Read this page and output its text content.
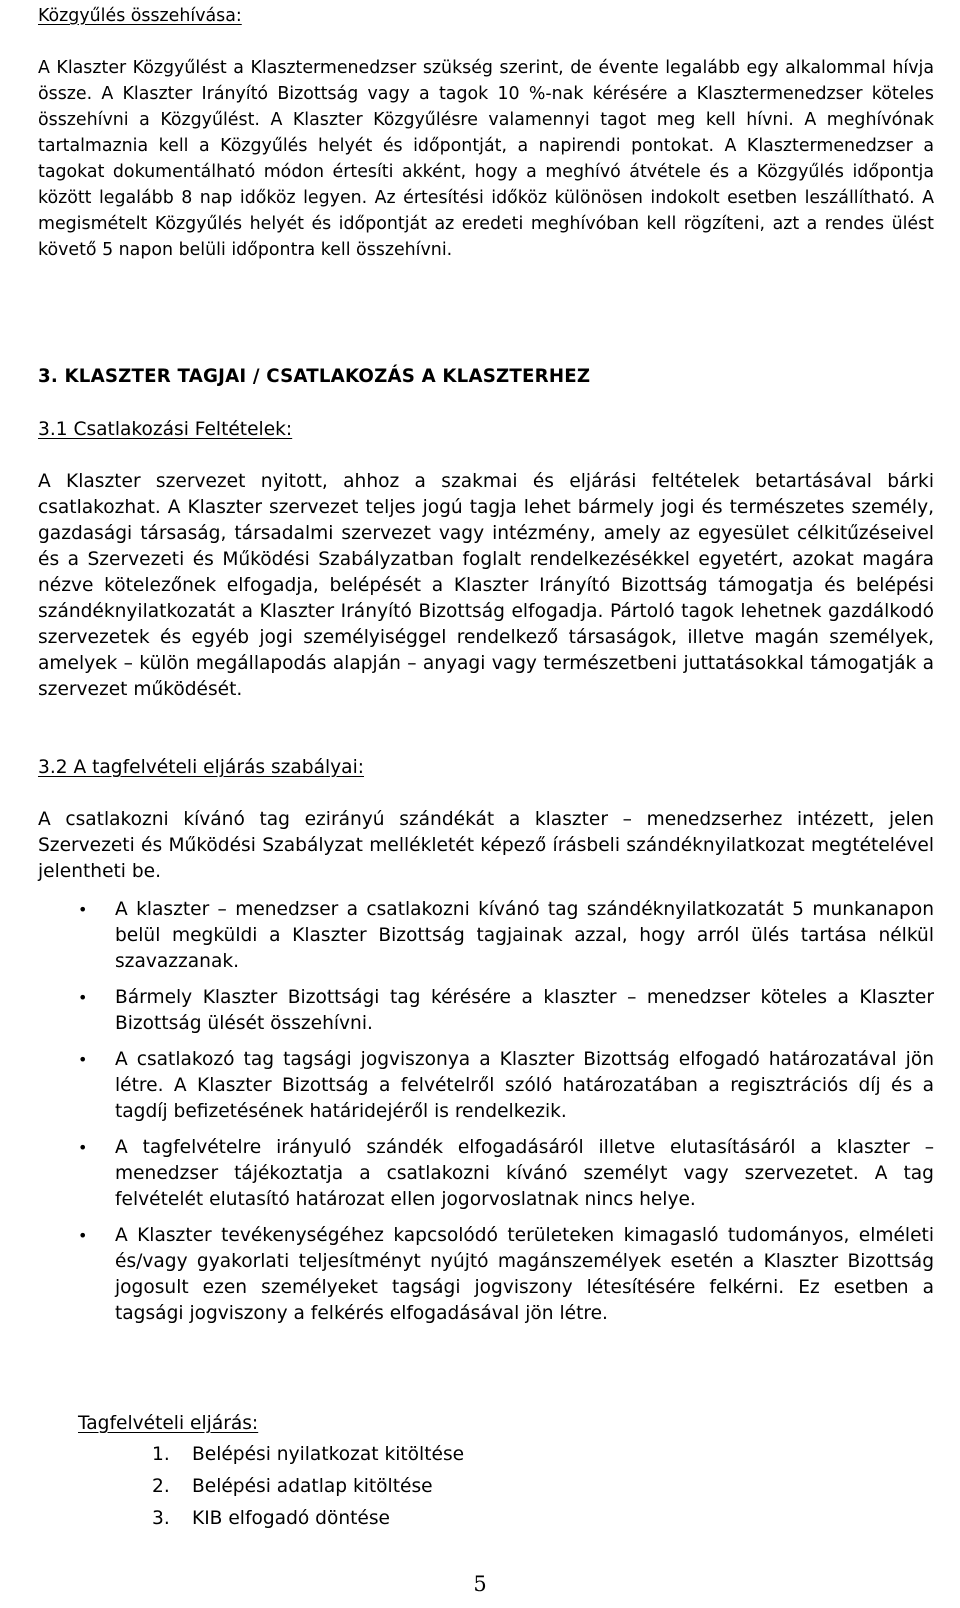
Közgyűlés összehívása:

A Klaszter Közgyűlést a Klasztermenedzser szükség szerint, de évente legalább egy alkalommal hívja össze. A Klaszter Irányító Bizottság vagy a tagok 10 %-nak kérésére a Klasztermenedzser köteles összehívni a Közgyűlést. A Klaszter Közgyűlésre valamennyi tagot meg kell hívni. A meghívónak tartalmaznia kell a Közgyűlés helyét és időpontját, a napirendi pontokat. A Klasztermenedzser a tagokat dokumentálható módon értesíti akként, hogy a meghívó átvétele és a Közgyűlés időpontja között legalább 8 nap időköz legyen. Az értesítési időköz különösen indokolt esetben leszállítható. A megismételt Közgyűlés helyét és időpontját az eredeti meghívóban kell rögzíteni, azt a rendes ülést követő 5 napon belüli időpontra kell összehívni.

3. KLASZTER TAGJAI / CSATLAKOZÁS A KLASZTERHEZ

3.1 Csatlakozási Feltételek:

A Klaszter szervezet nyitott, ahhoz a szakmai és eljárási feltételek betartásával bárki csatlakozhat. A Klaszter szervezet teljes jogú tagja lehet bármely jogi és természetes személy, gazdasági társaság, társadalmi szervezet vagy intézmény, amely az egyesület célkitűzéseivel és a Szervezeti és Működési Szabályzatban foglalt rendelkezésékkel egyetért, azokat magára nézve kötelezőnek elfogadja, belépését a Klaszter Irányító Bizottság támogatja és belépési szándéknyilatkozatát a Klaszter Irányító Bizottság elfogadja. Pártoló tagok lehetnek gazdálkodó szervezetek és egyéb jogi személyiséggel rendelkező társaságok, illetve magán személyek, amelyek – külön megállapodás alapján – anyagi vagy természetbeni juttatásokkal támogatják a szervezet működését.

3.2 A tagfelvételi eljárás szabályai:

A csatlakozni kívánó tag ezirányú szándékát a klaszter – menedzserhez intézett, jelen Szervezeti és Működési Szabályzat mellékletét képező írásbeli szándéknyilatkozat megtételével jelentheti be.

• A klaszter – menedzser a csatlakozni kívánó tag szándéknyilatkozatát 5 munkanapon belül megküldi a Klaszter Bizottság tagjainak azzal, hogy arról ülés tartása nélkül szavazzanak.
• Bármely Klaszter Bizottsági tag kérésére a klaszter – menedzser köteles a Klaszter Bizottság ülését összehívni.
• A csatlakozó tag tagsági jogviszonya a Klaszter Bizottság elfogadó határozatával jön létre. A Klaszter Bizottság a felvételről szóló határozatában a regisztrációs díj és a tagdíj befizetésének határidejéről is rendelkezik.
• A tagfelvételre irányuló szándék elfogadásáról illetve elutasításáról a klaszter – menedzser tájékoztatja a csatlakozni kívánó személyt vagy szervezetet. A tag felvételét elutasító határozat ellen jogorvoslatnak nincs helye.
• A Klaszter tevékenységéhez kapcsolódó területeken kimagasló tudományos, elméleti és/vagy gyakorlati teljesítményt nyújtó magánszemélyek esetén a Klaszter Bizottság jogosult ezen személyeket tagsági jogviszony létesítésére felkérni. Ez esetben a tagsági jogviszony a felkérés elfogadásával jön létre.

Tagfelvételi eljárás:

1. Belépési nyilatkozat kitöltése
2. Belépési adatlap kitöltése
3. KIB elfogadó döntése
5
